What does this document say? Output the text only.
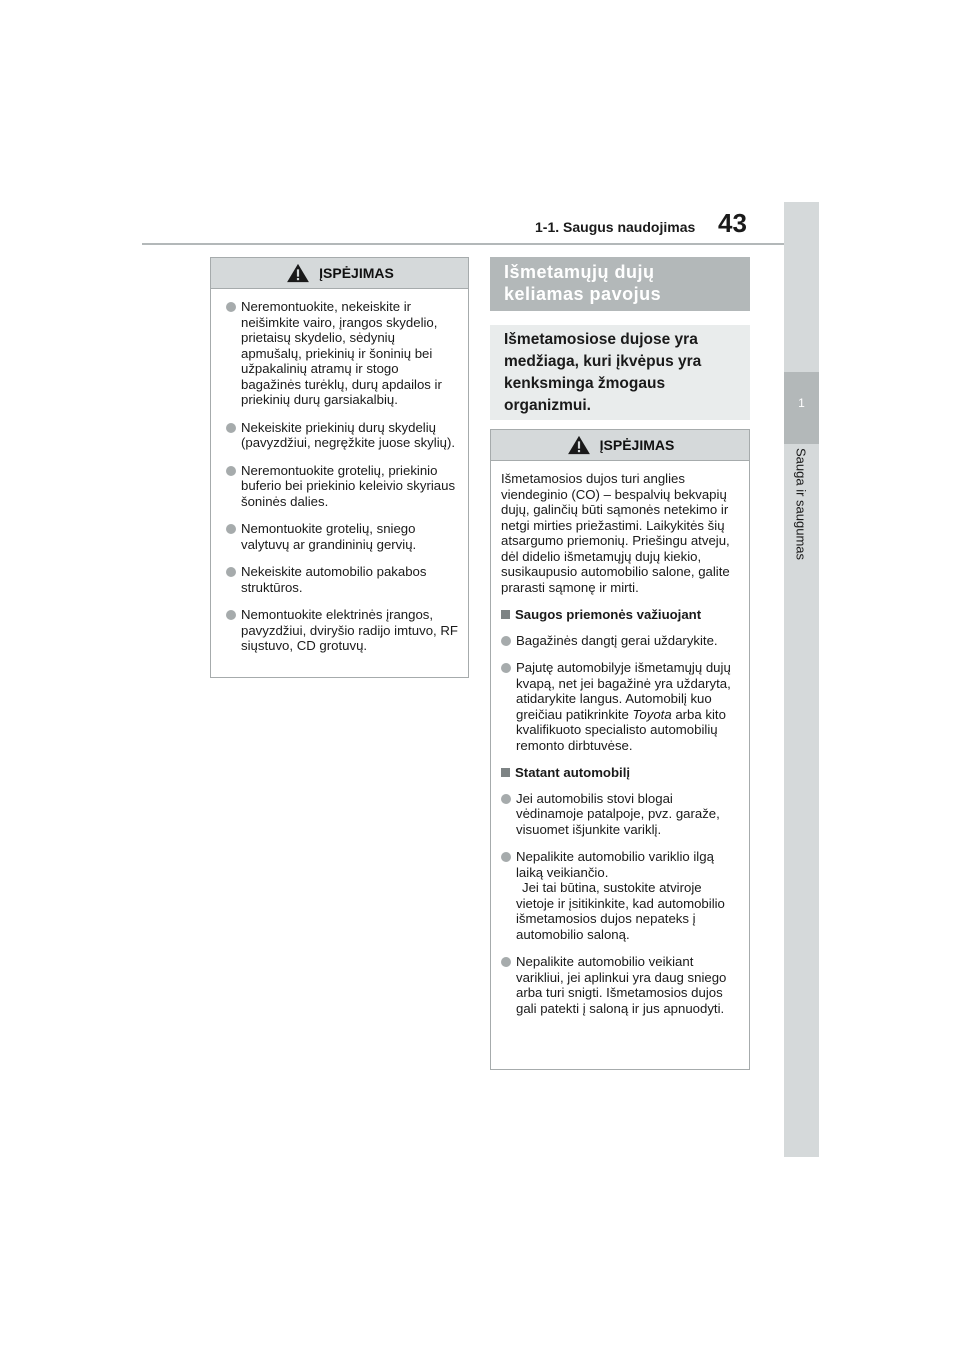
1
Sauga ir saugumas
1-1. Saugus naudojimas 43
ĮSPĖJIMAS
Neremontuokite, nekeiskite ir neišimkite vairo, įrangos skydelio, prietaisų skydelio, sėdynių apmušalų, priekinių ir šoninių bei užpakalinių atramų ir stogo bagažinės turėklų, durų apdailos ir priekinių durų garsiakalbių.
Nekeiskite priekinių durų skydelių (pavyzdžiui, negręžkite juose skylių).
Neremontuokite grotelių, priekinio buferio bei priekinio keleivio skyriaus šoninės dalies.
Nemontuokite grotelių, sniego valytuvų ar grandininių gervių.
Nekeiskite automobilio pakabos struktūros.
Nemontuokite elektrinės įrangos, pavyzdžiui, dviryšio radijo imtuvo, RF siųstuvo, CD grotuvų.
Išmetamųjų dujų
keliamas pavojus
Išmetamosiose dujose yra
medžiaga, kuri įkvėpus yra
kenksminga žmogaus
organizmui.
ĮSPĖJIMAS

Išmetamosios dujos turi anglies viendeginio (CO) – bespalvių bekvapių dujų, galinčių būti sąmonės netekimo ir netgi mirties priežastimi. Laikykitės šių atsargumo priemonių. Priešingu atveju, dėl didelio išmetamųjų dujų kiekio, susikaupusio automobilio salone, galite prarasti sąmonę ir mirti.

Saugos priemonės važiuojant
Bagažinės dangtį gerai uždarykite.
Pajutę automobilyje išmetamųjų dujų kvapą, net jei bagažinė yra uždaryta, atidarykite langus. Automobilį kuo greičiau patikrinkite Toyota arba kito kvalifikuoto specialisto automobilių remonto dirbtuvėse.
Statant automobilį
Jei automobilis stovi blogai vėdinamoje patalpoje, pvz. garaže, visuomet išjunkite variklį.
Nepalikite automobilio variklio ilgą laiką veikiančio.
Jei tai būtina, sustokite atviroje vietoje ir įsitikinkite, kad automobilio išmetamosios dujos nepateks į automobilio saloną.
Nepalikite automobilio veikiant varikliui, jei aplinkui yra daug sniego arba turi snigti. Išmetamosios dujos gali patekti į saloną ir jus apnuodyti.
